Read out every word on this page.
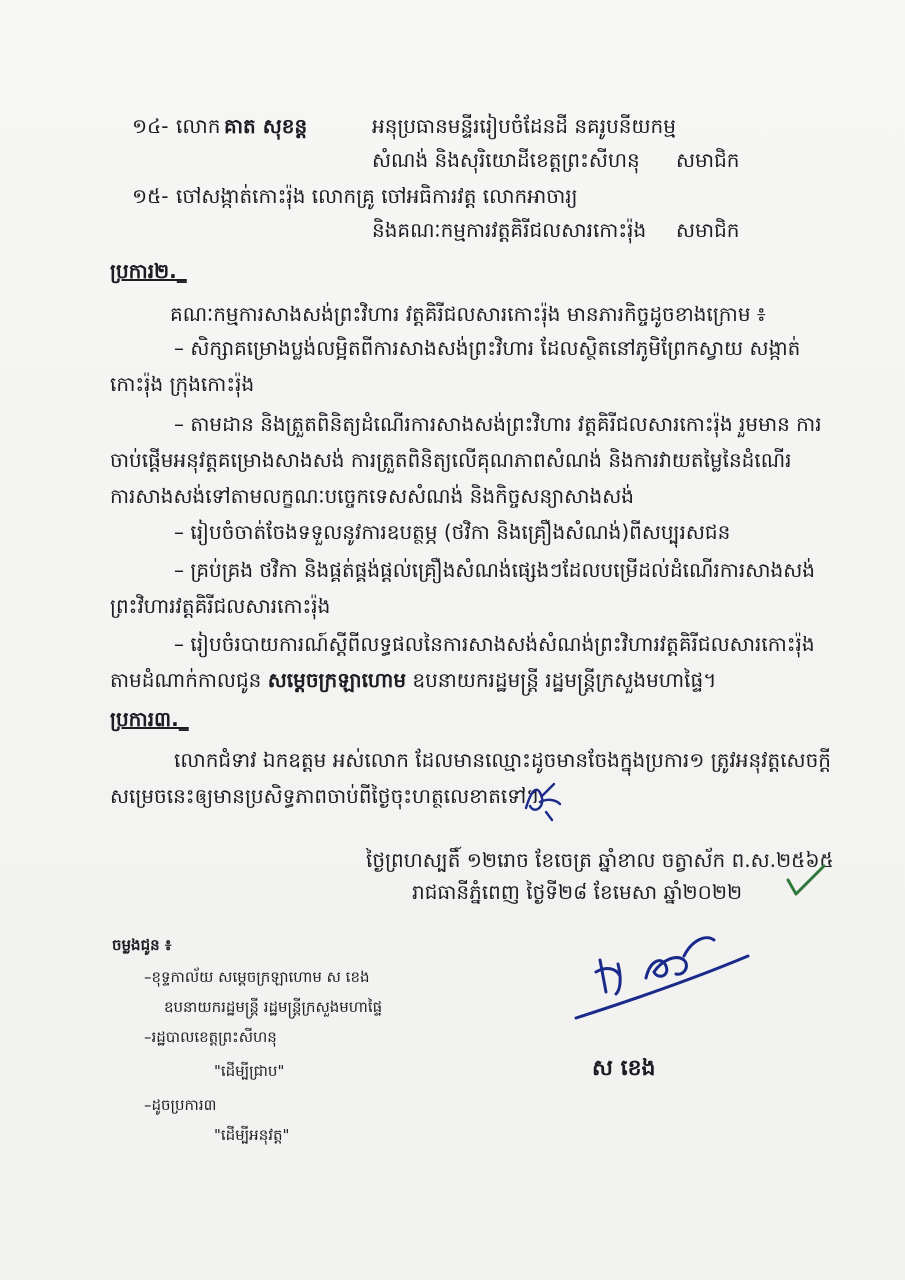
១៤- លោក គាត សុខន្ត	អនុប្រធានមន្ទីររៀបចំដែនដី នគរូបនីយកម្ម
សំណង់ និងសុរិយោដីខេត្តព្រះសីហនុ សមាជិក
១៥- ចៅសង្កាត់កោះរ៉ុង លោកគ្រូ ចៅអធិការវត្ត លោកអាចារ្យ
និងគណៈកម្មការវត្តគិរីជលសារកោះរ៉ុង សមាជិក
ប្រការ២._
គណៈកម្មការសាងសង់ព្រះវិហារ វត្តគិរីជលសារកោះរ៉ុង មានភារកិច្ចដូចខាងក្រោម ៖
– សិក្សាគម្រោងប្លង់លម្អិតពីការសាងសង់ព្រះវិហារ ដែលស្ថិតនៅភូមិព្រែកស្វាយ សង្កាត់កោះរ៉ុង ក្រុងកោះរ៉ុង
– តាមដាន និងត្រួតពិនិត្យដំណើរការសាងសង់ព្រះវិហារ វត្តគិរីជលសារកោះរ៉ុង រួមមាន ការចាប់ផ្តើមអនុវត្តគម្រោងសាងសង់ ការត្រួតពិនិត្យលើគុណភាពសំណង់ និងការវាយតម្លៃនៃដំណើរការសាងសង់ទៅតាមលក្ខណៈបច្ចេកទេសសំណង់ និងកិច្ចសន្យាសាងសង់
– រៀបចំចាត់ចែងទទួលនូវការឧបត្ថម្ភ (ថវិកា និងគ្រឿងសំណង់)ពីសប្បុរសជន
– គ្រប់គ្រង ថវិកា និងផ្គត់ផ្គង់ផ្តល់គ្រឿងសំណង់ផ្សេងៗដែលបម្រើដល់ដំណើរការសាងសង់ព្រះវិហារវត្តគិរីជលសារកោះរ៉ុង
– រៀបចំរបាយការណ៍ស្តីពីលទ្ធផលនៃការសាងសង់សំណង់ព្រះវិហារវត្តគិរីជលសារកោះរ៉ុង តាមដំណាក់កាលជូន សម្តេចក្រឡាហោម ឧបនាយករដ្ឋមន្ត្រី រដ្ឋមន្ត្រីក្រសួងមហាផ្ទៃ។
ប្រការ៣._
លោកជំទាវ ឯកឧត្តម អស់លោក ដែលមានឈ្មោះដូចមានចែងក្នុងប្រការ១ ត្រូវអនុវត្តសេចក្តីសម្រេចនេះឲ្យមានប្រសិទ្ធភាពចាប់ពីថ្ងៃចុះហត្ថលេខាតទៅ។
ថ្ងៃព្រហស្បតិ៍ ១២រោច ខែចេត្រ ឆ្នាំខាល ចត្វាស័ក ព.ស.២៥៦៥
រាជធានីភ្នំពេញ ថ្ងៃទី២៨ ខែមេសា ឆ្នាំ២០២២
ចម្លងជូន ៖
–ខុទ្ទកាល័យ សម្តេចក្រឡាហោម ស ខេង
ឧបនាយករដ្ឋមន្ត្រី រដ្ឋមន្ត្រីក្រសួងមហាផ្ទៃ
–រដ្ឋបាលខេត្តព្រះសីហនុ
"ដើម្បីជ្រាប"
–ដូចប្រការ៣
"ដើម្បីអនុវត្ត"
ស ខេង
